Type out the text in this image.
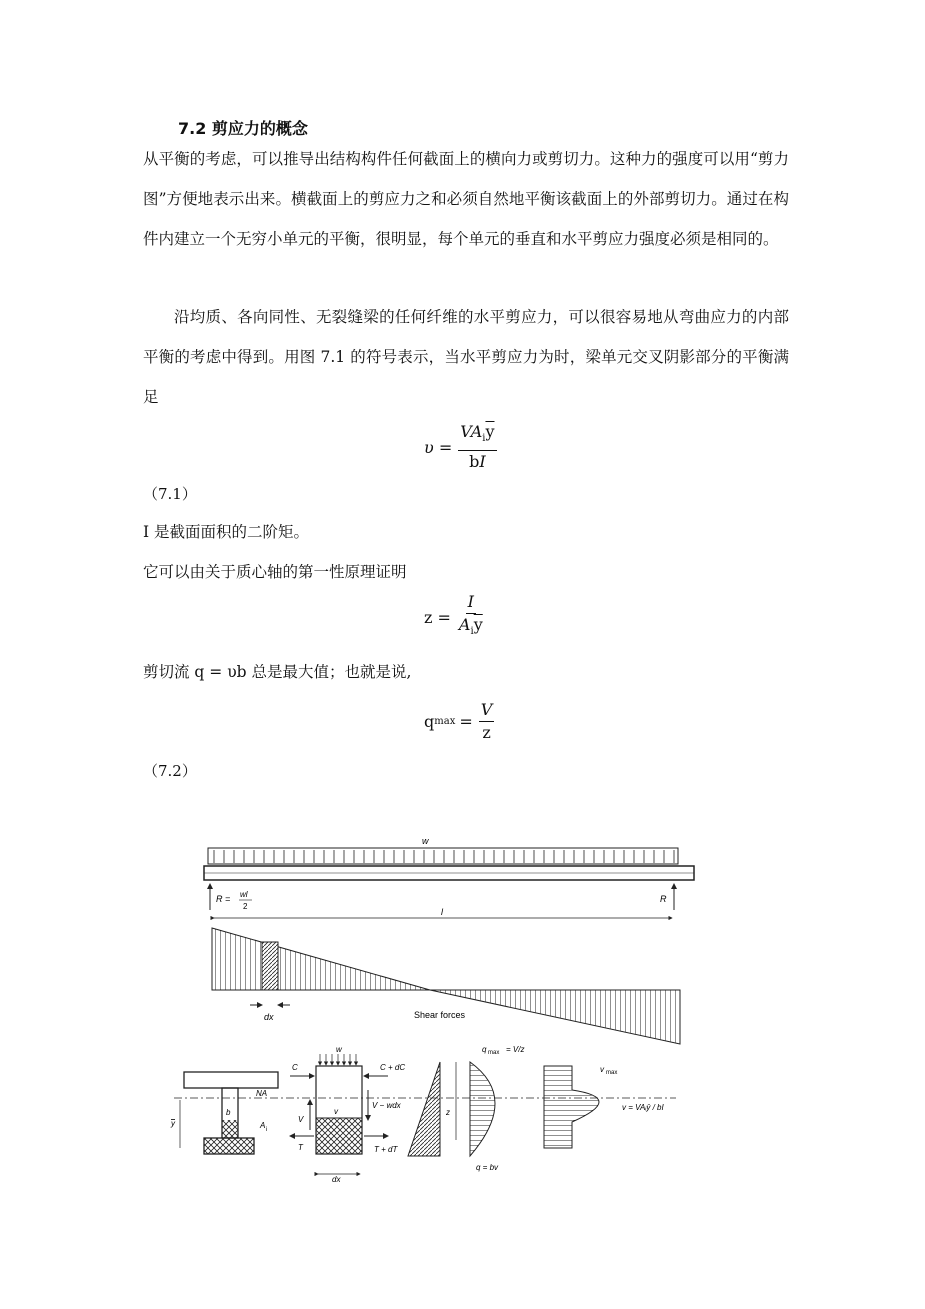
7.2 剪应力的概念

从平衡的考虑，可以推导出结构构件任何截面上的横向力或剪切力。这种力的强度可以用“剪力图”方便地表示出来。横截面上的剪应力之和必须自然地平衡该截面上的外部剪切力。通过在构件内建立一个无穷小单元的平衡，很明显，每个单元的垂直和水平剪应力强度必须是相同的。

沿均质、各向同性、无裂缝梁的任何纤维的水平剪应力，可以很容易地从弯曲应力的内部平衡的考虑中得到。用图 7.1 的符号表示，当水平剪应力为时，梁单元交叉阴影部分的平衡满足

$\upsilon = \frac{VA_i\overline{y}}{bI}$
（7.1）
I 是截面面积的二阶矩。
它可以由关于质心轴的第一性原理证明
$z = \frac{I}{A_i\overline{y}}$
剪切流 q = υb 总是最大值；也就是说,
q $\max = \frac{V}{z}$
（7.2）
w
R = wl
2
R
l
dx	Shear forces
b
A i
NA
y
w
C	C + dC
V
V − wdx
v
T	T + dT
dx
z
q max = V/z
q = bv
v max
v = VAᵢȳ / bI
